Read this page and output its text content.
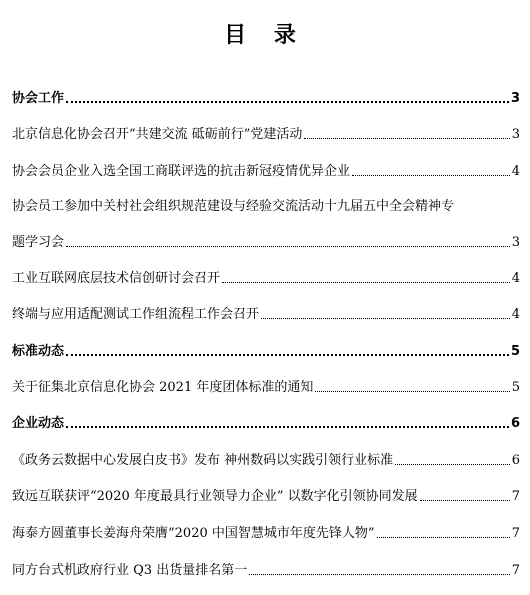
目 录
协会工作	3
北京信息化协会召开“共建交流 砥砺前行”党建活动	3
协会会员企业入选全国工商联评选的抗击新冠疫情优异企业	4
协会员工参加中关村社会组织规范建设与经验交流活动十九届五中全会精神专
题学习会	3
工业互联网底层技术信创研讨会召开	4
终端与应用适配测试工作组流程工作会召开	4
标准动态	5
关于征集北京信息化协会 2021 年度团体标准的通知	5
企业动态	6
《政务云数据中心发展白皮书》发布 神州数码以实践引领行业标准	6
致远互联获评“2020 年度最具行业领导力企业” 以数字化引领协同发展	7
海泰方圆董事长姜海舟荣膺“2020 中国智慧城市年度先锋人物”	7
同方台式机政府行业 Q3 出货量排名第一	7
